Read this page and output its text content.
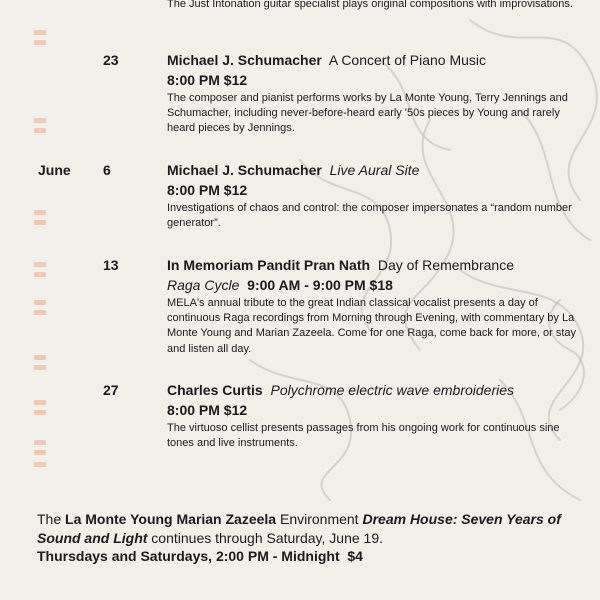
The Just Intonation guitar specialist plays original compositions with improvisations.
23	Michael J. Schumacher A Concert of Piano Music
8:00 PM $12
The composer and pianist performs works by La Monte Young, Terry Jennings and Schumacher, including never-before-heard early '50s pieces by Young and rarely heard pieces by Jennings.
June 6	Michael J. Schumacher Live Aural Site
8:00 PM $12
Investigations of chaos and control: the composer impersonates a “random number generator”.
13	In Memoriam Pandit Pran Nath Day of Remembrance
Raga Cycle 9:00 AM - 9:00 PM $18
MELA's annual tribute to the great Indian classical vocalist presents a day of continuous Raga recordings from Morning through Evening, with commentary by La Monte Young and Marian Zazeela. Come for one Raga, come back for more, or stay and listen all day.
27	Charles Curtis Polychrome electric wave embroideries
8:00 PM $12
The virtuoso cellist presents passages from his ongoing work for continuous sine tones and live instruments.
The La Monte Young Marian Zazeela Environment Dream House: Seven Years of Sound and Light continues through Saturday, June 19.
Thursdays and Saturdays, 2:00 PM - Midnight  $4
